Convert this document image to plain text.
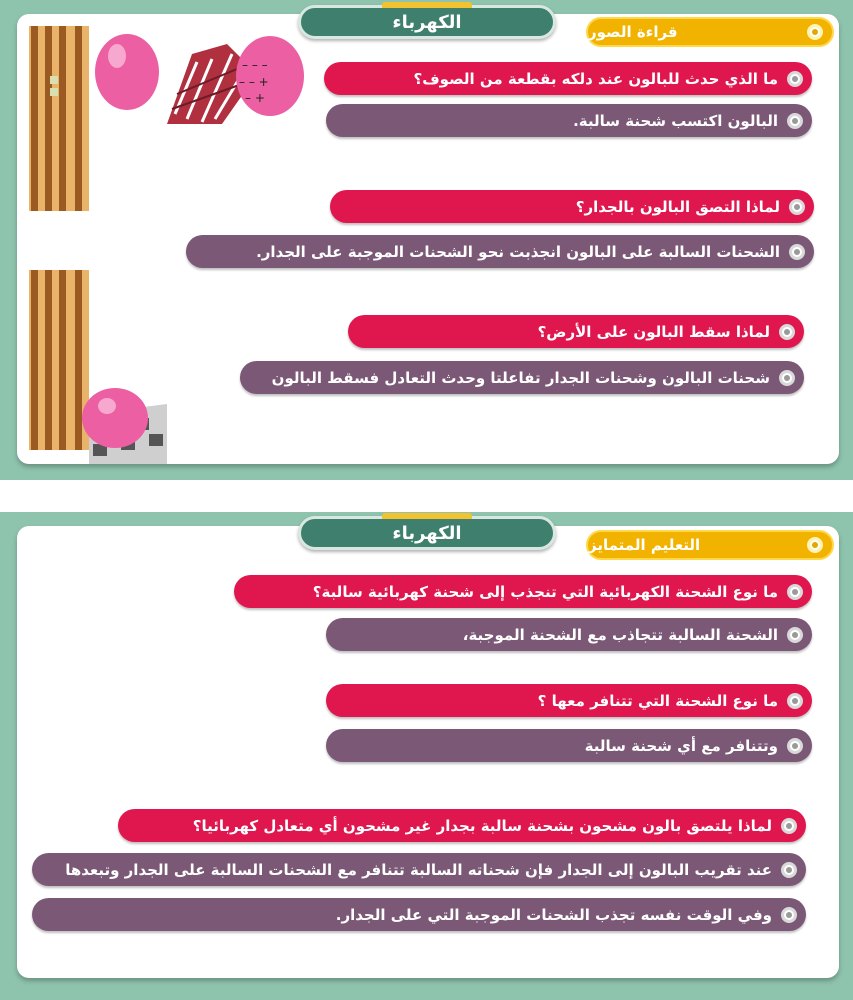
– – –
– – +
– +
الكهرباء	قراءة الصور
ما الذي حدث للبالون عند دلكه بقطعة من الصوف؟
البالون اكتسب شحنة سالبة.
لماذا التصق البالون بالجدار؟
الشحنات السالبة على البالون انجذبت نحو الشحنات الموجبة على الجدار.
لماذا سقط البالون على الأرض؟
شحنات البالون وشحنات الجدار تفاعلتا وحدث التعادل فسقط البالون
الكهرباء
التعليم المتمايز
ما نوع الشحنة الكهربائية التي تنجذب إلى شحنة كهربائية سالبة؟
الشحنة السالبة تتجاذب مع الشحنة الموجبة،
ما نوع الشحنة التي تتنافر معها ؟
وتتنافر مع أي شحنة سالبة
لماذا يلتصق بالون مشحون بشحنة سالبة بجدار غير مشحون أي متعادل كهربائيا؟
عند تقريب البالون إلى الجدار فإن شحناته السالبة تتنافر مع الشحنات السالبة على الجدار وتبعدها
وفي الوقت نفسه تجذب الشحنات الموجبة التي على الجدار.
